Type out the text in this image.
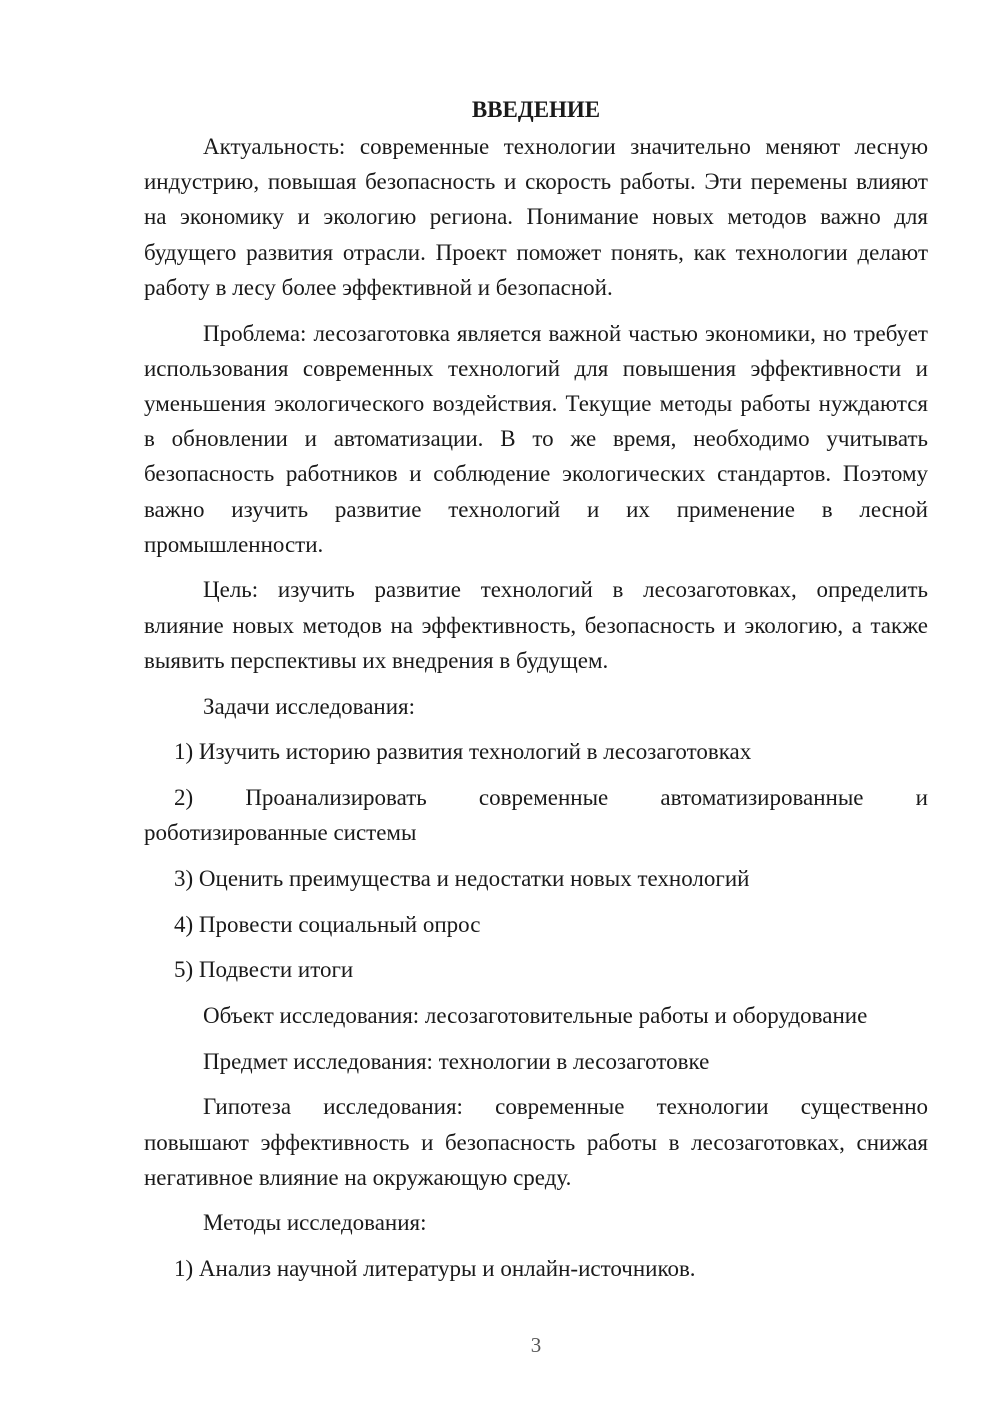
ВВЕДЕНИЕ

Актуальность: современные технологии значительно меняют лесную индустрию, повышая безопасность и скорость работы. Эти перемены влияют на экономику и экологию региона. Понимание новых методов важно для будущего развития отрасли. Проект поможет понять, как технологии делают работу в лесу более эффективной и безопасной.

Проблема: лесозаготовка является важной частью экономики, но требует использования современных технологий для повышения эффективности и уменьшения экологического воздействия. Текущие методы работы нуждаются в обновлении и автоматизации. В то же время, необходимо учитывать безопасность работников и соблюдение экологических стандартов. Поэтому важно изучить развитие технологий и их применение в лесной промышленности.

Цель: изучить развитие технологий в лесозаготовках, определить влияние новых методов на эффективность, безопасность и экологию, а также выявить перспективы их внедрения в будущем.

Задачи исследования:

1) Изучить историю развития технологий в лесозаготовках

2) Проанализировать современные автоматизированные и роботизированные системы

3) Оценить преимущества и недостатки новых технологий

4) Провести социальный опрос

5) Подвести итоги

Объект исследования: лесозаготовительные работы и оборудование

Предмет исследования: технологии в лесозаготовке

Гипотеза исследования: современные технологии существенно повышают эффективность и безопасность работы в лесозаготовках, снижая негативное влияние на окружающую среду.

Методы исследования:

1) Анализ научной литературы и онлайн-источников.

3
